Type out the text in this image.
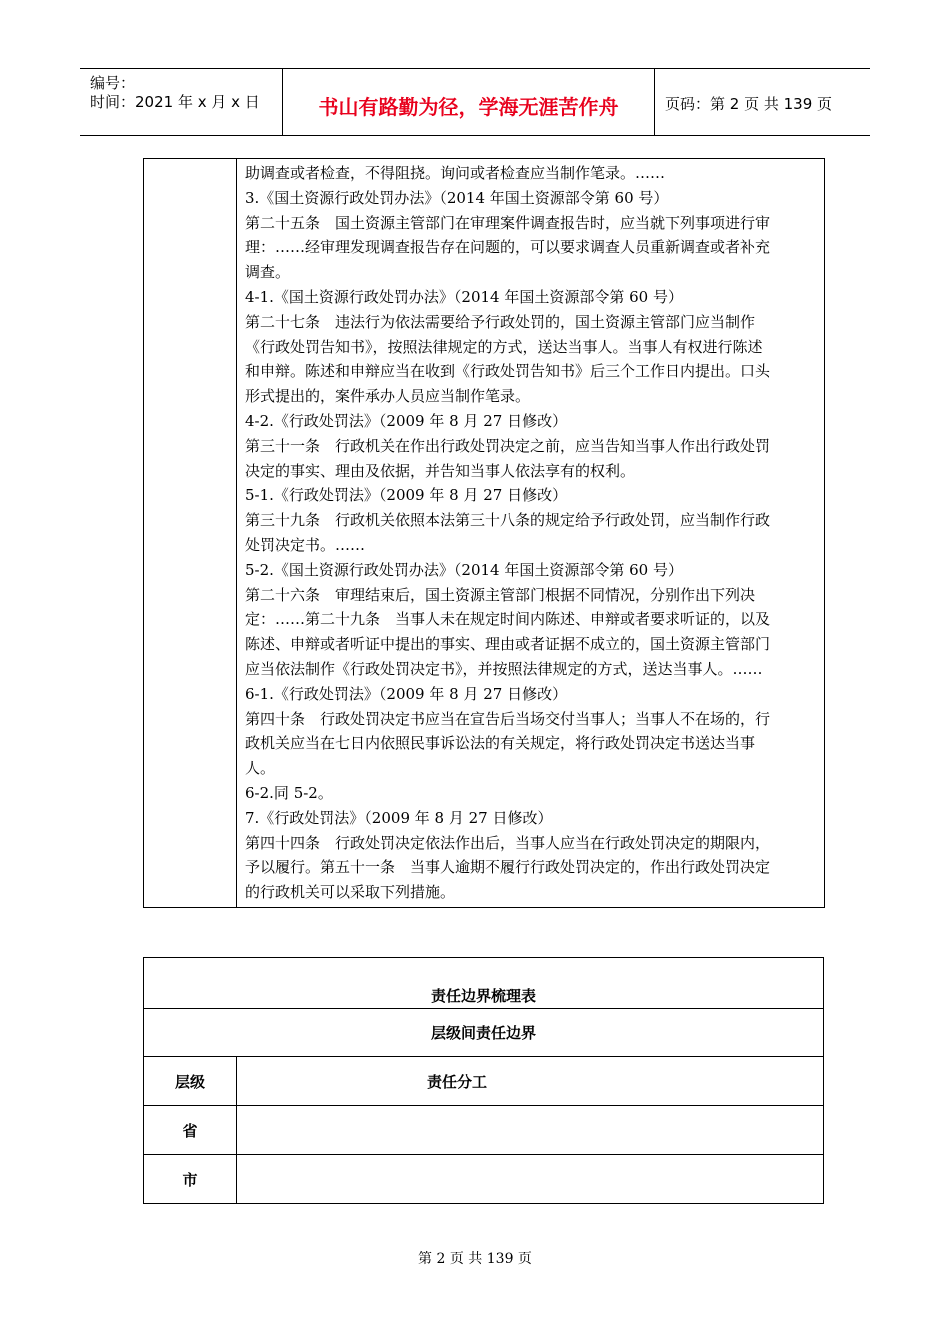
编号：
时间：2021 年 x 月 x 日	书山有路勤为径，学海无涯苦作舟	页码：第 2 页 共 139 页

助调查或者检查，不得阻挠。询问或者检查应当制作笔录。……

3.《国土资源行政处罚办法》（2014 年国土资源部令第 60 号）

第二十五条　国土资源主管部门在审理案件调查报告时，应当就下列事项进行审

理：……经审理发现调查报告存在问题的，可以要求调查人员重新调查或者补充

调查。

4-1.《国土资源行政处罚办法》（2014 年国土资源部令第 60 号）

第二十七条　违法行为依法需要给予行政处罚的，国土资源主管部门应当制作

《行政处罚告知书》，按照法律规定的方式，送达当事人。当事人有权进行陈述

和申辩。陈述和申辩应当在收到《行政处罚告知书》后三个工作日内提出。口头

形式提出的，案件承办人员应当制作笔录。

4-2.《行政处罚法》（2009 年 8 月 27 日修改）

第三十一条　行政机关在作出行政处罚决定之前，应当告知当事人作出行政处罚

决定的事实、理由及依据，并告知当事人依法享有的权利。

5-1.《行政处罚法》（2009 年 8 月 27 日修改）

第三十九条　行政机关依照本法第三十八条的规定给予行政处罚，应当制作行政

处罚决定书。……

5-2.《国土资源行政处罚办法》（2014 年国土资源部令第 60 号）

第二十六条　审理结束后，国土资源主管部门根据不同情况，分别作出下列决

定：……第二十九条　当事人未在规定时间内陈述、申辩或者要求听证的，以及

陈述、申辩或者听证中提出的事实、理由或者证据不成立的，国土资源主管部门

应当依法制作《行政处罚决定书》，并按照法律规定的方式，送达当事人。……

6-1.《行政处罚法》（2009 年 8 月 27 日修改）

第四十条　行政处罚决定书应当在宣告后当场交付当事人；当事人不在场的，行

政机关应当在七日内依照民事诉讼法的有关规定，将行政处罚决定书送达当事

人。

6-2.同 5-2。

7.《行政处罚法》（2009 年 8 月 27 日修改）

第四十四条　行政处罚决定依法作出后，当事人应当在行政处罚决定的期限内，

予以履行。第五十一条　当事人逾期不履行行政处罚决定的，作出行政处罚决定

的行政机关可以采取下列措施。

责任边界梳理表	
层级间责任边界	
层级	责任分工
省	
市	
第 2 页 共 139 页
